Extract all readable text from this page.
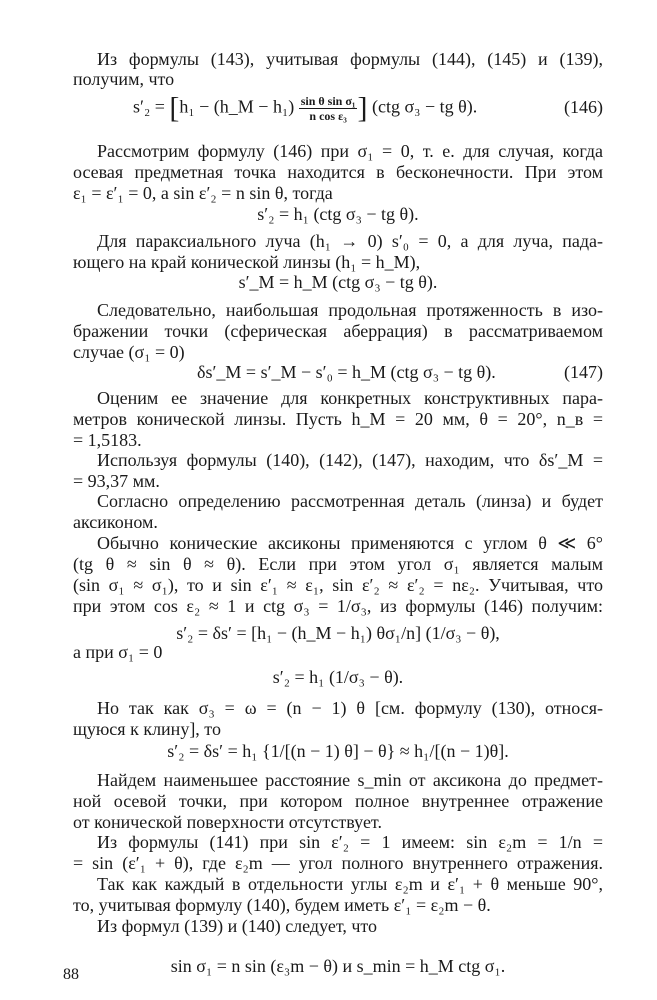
Из формулы (143), учитывая формулы (144), (145) и (139),
получим, что
s′₂ = [h₁ − (h_M − $h_1) \frac{\text{sin θ sin σ₁}}{\text{n cos ε₃}}$ ] (ctg σ₃ − tg θ).	(146)
Рассмотрим формулу (146) при σ₁ = 0, т. е. для случая, когда
осевая предметная точка находится в бесконечности. При этом
ε₁ = ε′₁ = 0, а sin ε′₂ = n sin θ, тогда
s′₂ = h₁ (ctg σ₃ − tg θ).
Для параксиального луча (h₁ → 0) s′₀ = 0, а для луча, пада-
ющего на край конической линзы (h₁ = h_M),
s′_M = h_M (ctg σ₃ − tg θ).
Следовательно, наибольшая продольная протяженность в изо-
бражении точки (сферическая аберрация) в рассматриваемом
случае (σ₁ = 0)
δs′_M = s′_M − s′₀ = h_M (ctg σ₃ − tg θ).	(147)
Оценим ее значение для конкретных конструктивных пара-
метров конической линзы. Пусть h_M = 20 мм, θ = 20°, n_в =
= 1,5183.
Используя формулы (140), (142), (147), находим, что δs′_M =
= 93,37 мм.
Согласно определению рассмотренная деталь (линза) и будет
аксиконом.
Обычно конические аксиконы применяются с углом θ ≪ 6°
(tg θ ≈ sin θ ≈ θ). Если при этом угол σ₁ является малым
(sin σ₁ ≈ σ₁), то и sin ε′₁ ≈ ε₁, sin ε′₂ ≈ ε′₂ = nε₂. Учитывая, что
при этом cos ε₂ ≈ 1 и ctg σ₃ = 1/σ₃, из формулы (146) получим:
s′₂ = δs′ = [h₁ − (h_M − h₁) θσ₁/n] (1/σ₃ − θ),
а при σ₁ = 0
s′₂ = h₁ (1/σ₃ − θ).
Но так как σ₃ = ω = (n − 1) θ [см. формулу (130), относя-
щуюся к клину], то
s′₂ = δs′ = h₁ {1/[(n − 1) θ] − θ} ≈ h₁/[(n − 1)θ].
Найдем наименьшее расстояние s_min от аксикона до предмет-
ной осевой точки, при котором полное внутреннее отражение
от конической поверхности отсутствует.
Из формулы (141) при sin ε′₂ = 1 имеем: sin ε₂m = 1/n =
= sin (ε′₁ + θ), где ε₂m — угол полного внутреннего отражения.
Так как каждый в отдельности углы ε₂m и ε′₁ + θ меньше 90°,
то, учитывая формулу (140), будем иметь ε′₁ = ε₂m − θ.
Из формул (139) и (140) следует, что
sin σ₁ = n sin (ε₃m − θ) и s_min = h_M ctg σ₁.
88
